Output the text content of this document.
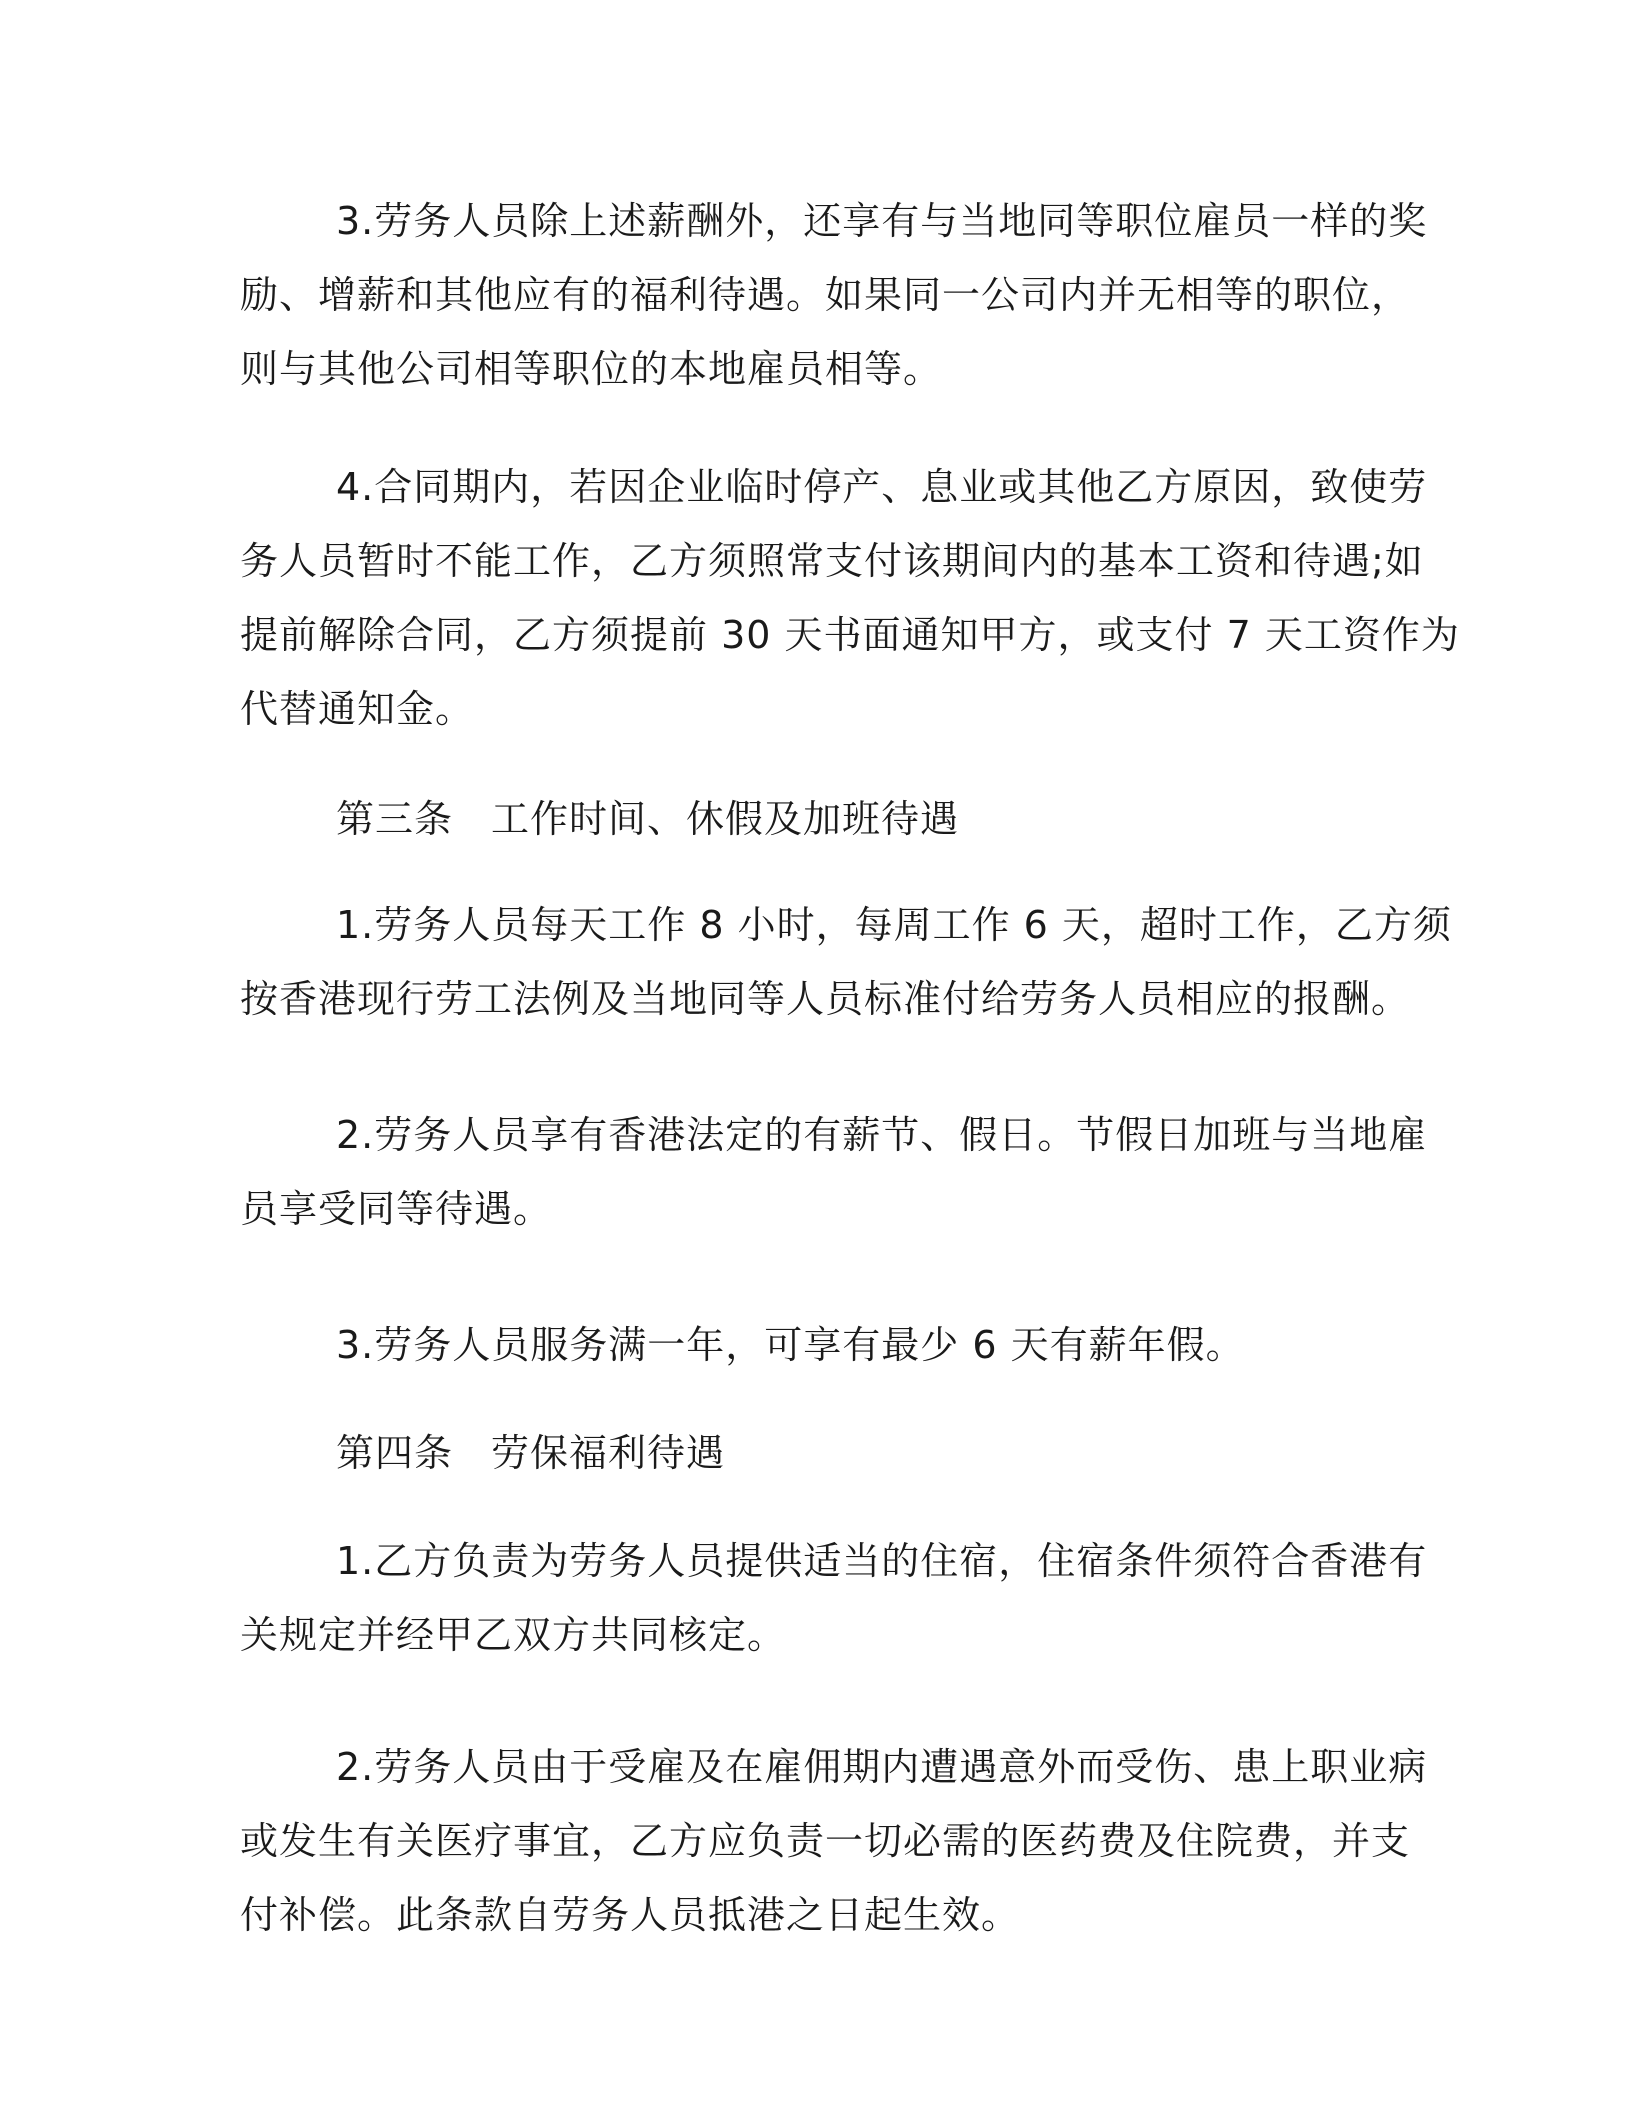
3.劳务人员除上述薪酬外，还享有与当地同等职位雇员一样的奖
励、增薪和其他应有的福利待遇。如果同一公司内并无相等的职位，
则与其他公司相等职位的本地雇员相等。

4.合同期内，若因企业临时停产、息业或其他乙方原因，致使劳
务人员暂时不能工作，乙方须照常支付该期间内的基本工资和待遇;如
提前解除合同，乙方须提前 30 天书面通知甲方，或支付 7 天工资作为
代替通知金。

第三条 工作时间、休假及加班待遇

1.劳务人员每天工作 8 小时，每周工作 6 天，超时工作，乙方须
按香港现行劳工法例及当地同等人员标准付给劳务人员相应的报酬。

2.劳务人员享有香港法定的有薪节、假日。节假日加班与当地雇
员享受同等待遇。

3.劳务人员服务满一年，可享有最少 6 天有薪年假。

第四条 劳保福利待遇

1.乙方负责为劳务人员提供适当的住宿，住宿条件须符合香港有
关规定并经甲乙双方共同核定。

2.劳务人员由于受雇及在雇佣期内遭遇意外而受伤、患上职业病
或发生有关医疗事宜，乙方应负责一切必需的医药费及住院费，并支
付补偿。此条款自劳务人员抵港之日起生效。
